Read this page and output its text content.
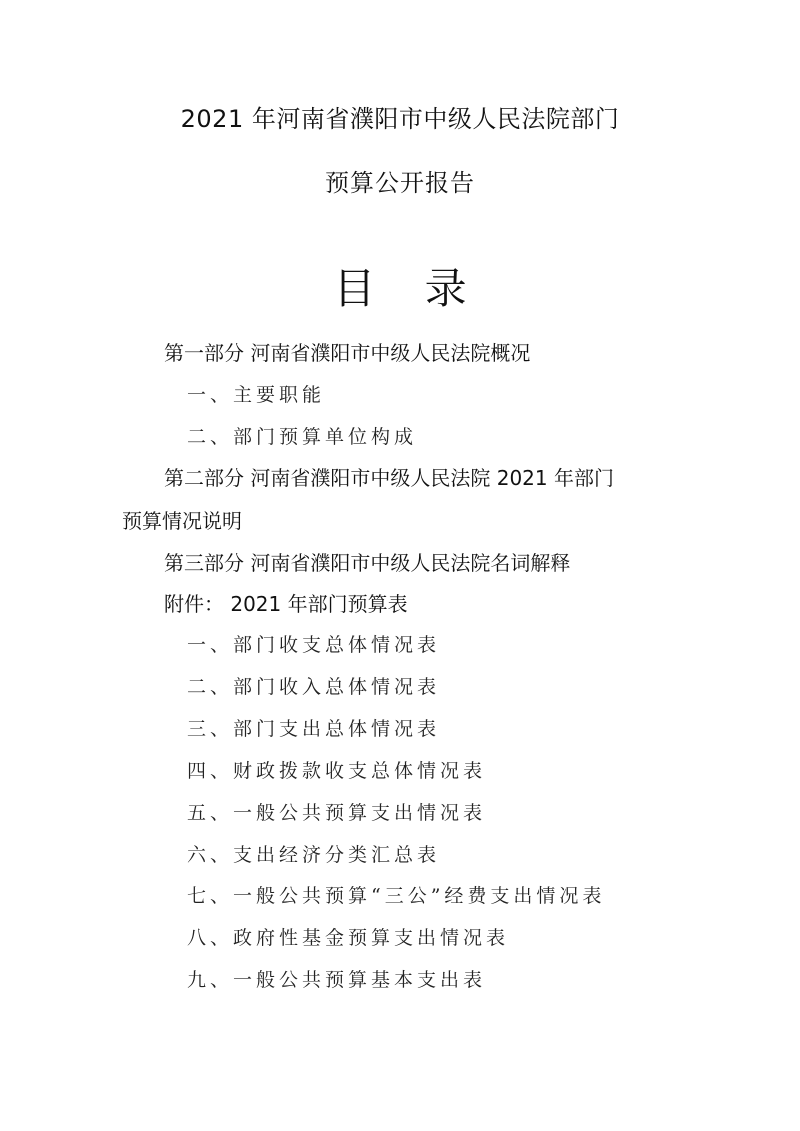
2021 年河南省濮阳市中级人民法院部门
预算公开报告
目 录
第一部分 河南省濮阳市中级人民法院概况
一、主要职能
二、部门预算单位构成
第二部分 河南省濮阳市中级人民法院 2021 年部门
预算情况说明
第三部分 河南省濮阳市中级人民法院名词解释
附件： 2021 年部门预算表
一、部门收支总体情况表
二、部门收入总体情况表
三、部门支出总体情况表
四、财政拨款收支总体情况表
五、一般公共预算支出情况表
六、支出经济分类汇总表
七、一般公共预算“三公”经费支出情况表
八、政府性基金预算支出情况表
九、一般公共预算基本支出表
